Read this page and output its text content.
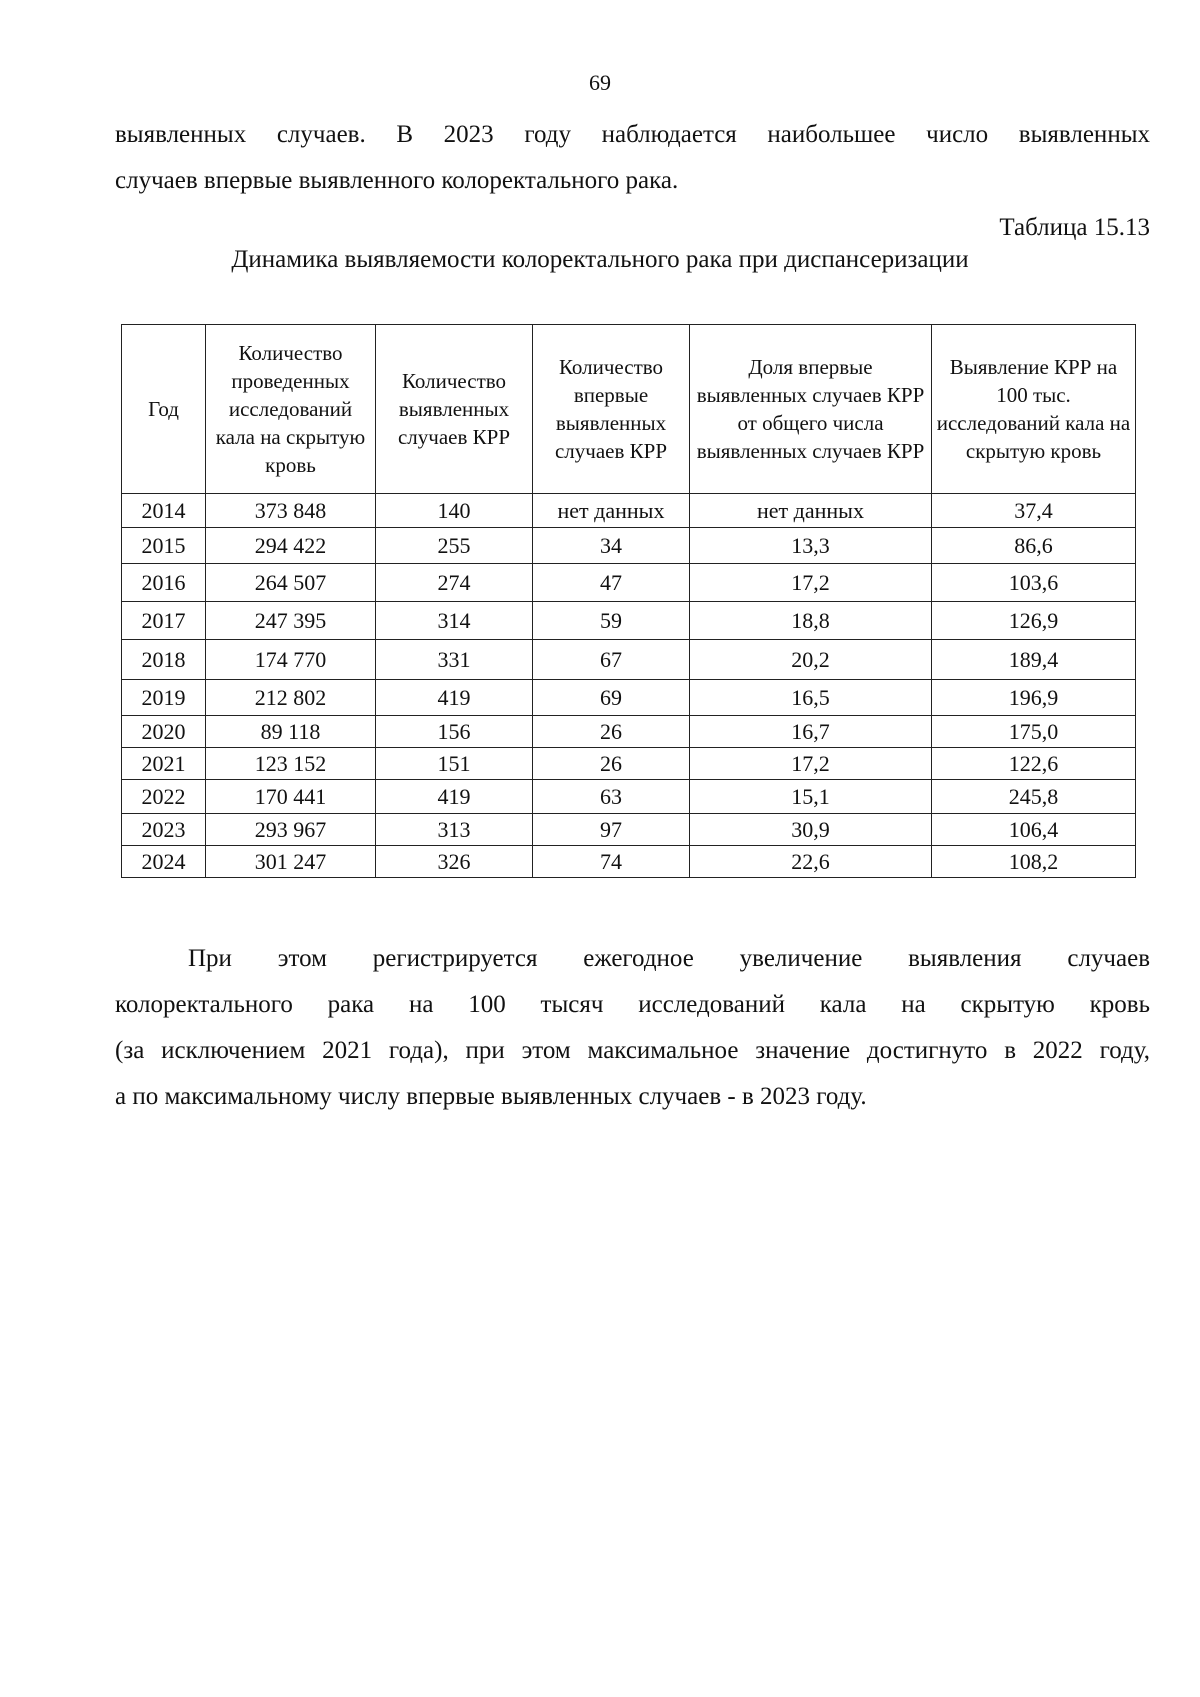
69
выявленных случаев. В 2023 году наблюдается наибольшее число выявленных
случаев впервые выявленного колоректального рака.
Таблица 15.13
Динамика выявляемости колоректального рака при диспансеризации
Год	Количество проведенных исследований кала на скрытую кровь	Количество выявленных случаев КРР	Количество впервые выявленных случаев КРР	Доля впервые выявленных случаев КРР от общего числа выявленных случаев КРР	Выявление КРР на 100 тыс. исследований кала на скрытую кровь
2014	373 848	140	нет данных	нет данных	37,4
2015	294 422	255	34	13,3	86,6
2016	264 507	274	47	17,2	103,6
2017	247 395	314	59	18,8	126,9
2018	174 770	331	67	20,2	189,4
2019	212 802	419	69	16,5	196,9
2020	89 118	156	26	16,7	175,0
2021	123 152	151	26	17,2	122,6
2022	170 441	419	63	15,1	245,8
2023	293 967	313	97	30,9	106,4
2024	301 247	326	74	22,6	108,2
При этом регистрируется ежегодное увеличение выявления случаев
колоректального рака на 100 тысяч исследований кала на скрытую кровь
(за исключением 2021 года), при этом максимальное значение достигнуто в 2022 году,
а по максимальному числу впервые выявленных случаев - в 2023 году.
